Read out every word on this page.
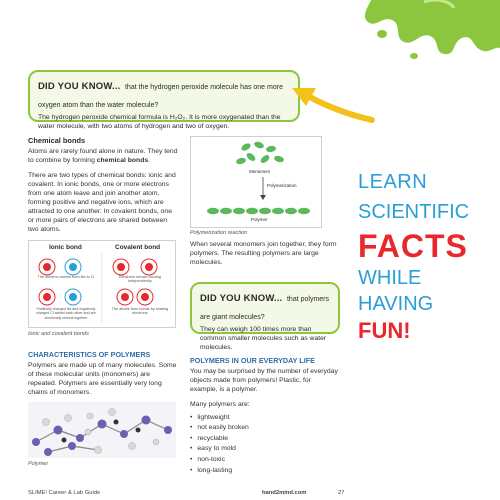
DID YOU KNOW... that the hydrogen peroxide molecule has one more oxygen atom than the water molecule?
The hydrogen peroxide chemical formula is H₂O₂. It is more oxygenated than the water molecule, with two atoms of hydrogen and two of oxygen.
Chemical bonds

Atoms are rarely found alone in nature. They tend to combine by forming chemical bonds.

There are two types of chemical bonds: ionic and covalent. In ionic bonds, one or more electrons from one atom leave and join another atom, forming positive and negative ions, which are attracted to one another. In covalent bonds, one or more pairs of electrons are shared between two atoms.

Ionic bond	Covalent bond
The electron moves from Na to Cl	Electrons remain moving independently
Positively charged Na and negatively charged Cl attract each other and are electrically neutral together
The atoms form bonds by sharing electrons
Ionic and covalent bonds
Monomers
Polymerization
Polymer
Polymerization reaction
When several monomers join together, they form polymers. The resulting polymers are large molecules.
DID YOU KNOW... that polymers are giant molecules?
They can weigh 100 times more than common smaller molecules such as water molecules.
CHARACTERISTICS OF POLYMERS

Polymers are made up of many molecules. Some of these molecular units (monomers) are repeated. Polymers are essentially very long chains of monomers.

Polymer
POLYMERS IN OUR EVERYDAY LIFE

You may be surprised by the number of everyday objects made from polymers! Plastic, for example, is a polymer.

Many polymers are:

• lightweight
• not easily broken
• recyclable
• easy to mold
• non-toxic
• long-lasting
SLIME! Career & Lab Guide	hand2mind.com	27
LEARN
SCIENTIFIC
FACTS
WHILE
HAVING
FUN!
